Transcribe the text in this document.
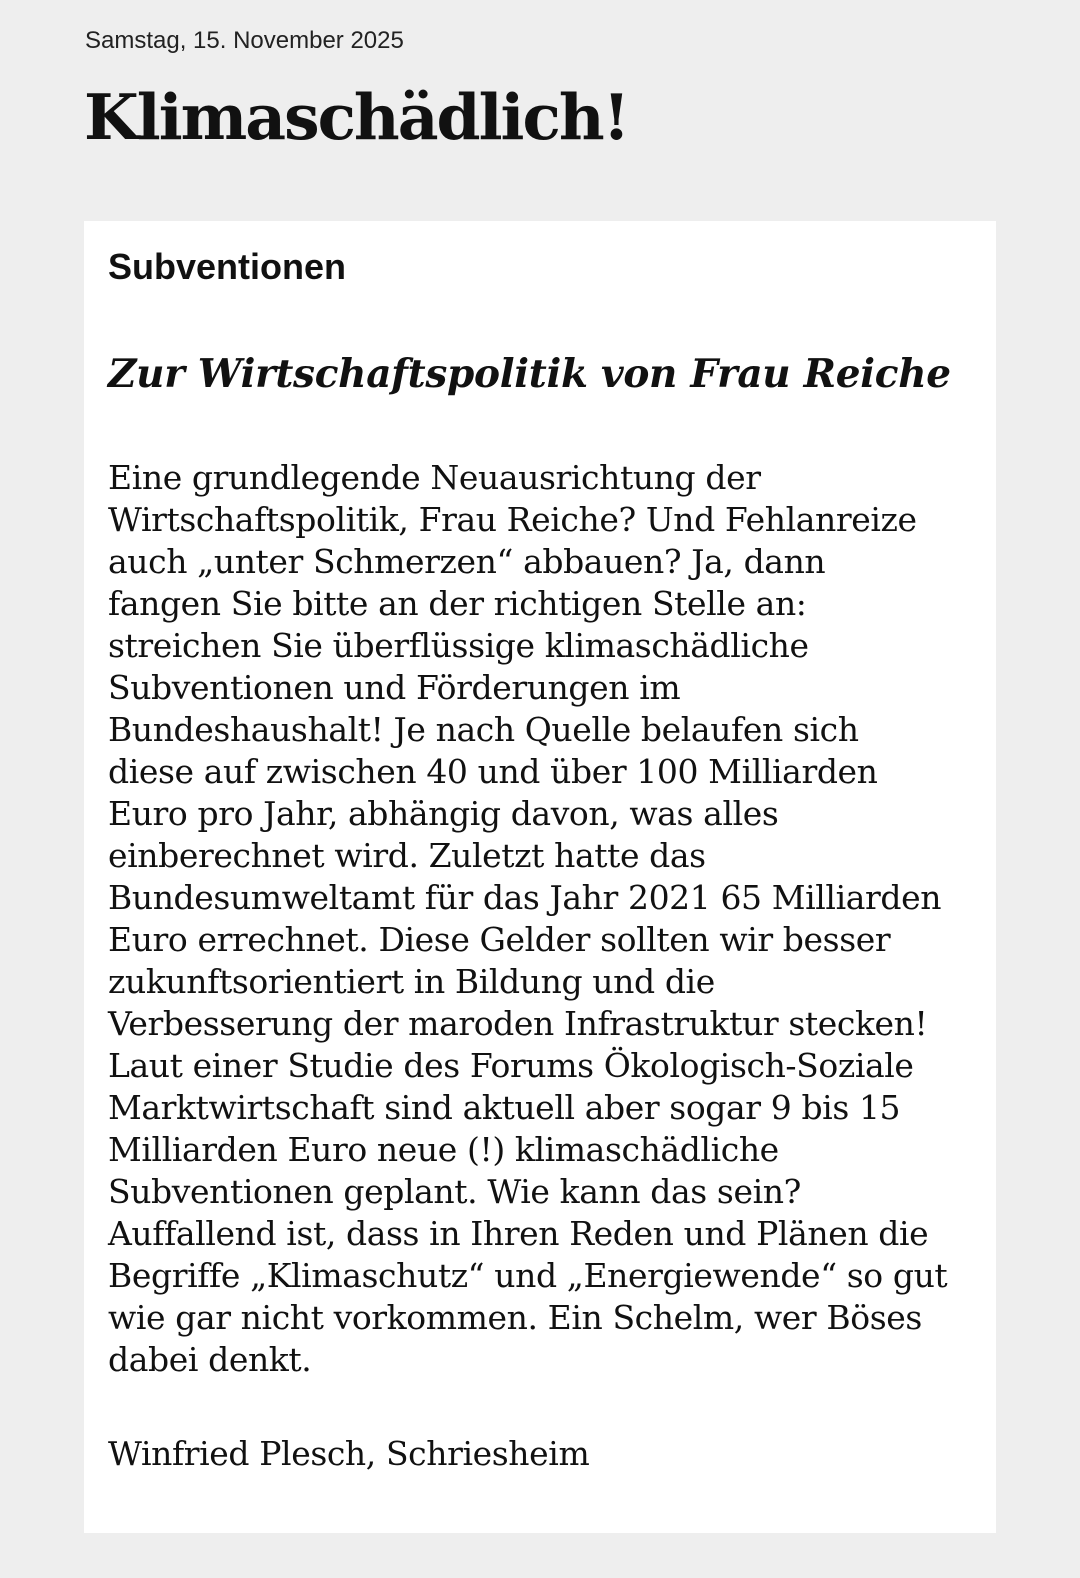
Samstag, 15. November 2025
Klimaschädlich!
Subventionen
Zur Wirtschaftspolitik von Frau Reiche

Eine grundlegende Neuausrichtung der
Wirtschaftspolitik, Frau Reiche? Und Fehlanreize
auch „unter Schmerzen“ abbauen? Ja, dann
fangen Sie bitte an der richtigen Stelle an:
streichen Sie überflüssige klimaschädliche
Subventionen und Förderungen im
Bundeshaushalt! Je nach Quelle belaufen sich
diese auf zwischen 40 und über 100 Milliarden
Euro pro Jahr, abhängig davon, was alles
einberechnet wird. Zuletzt hatte das
Bundesumweltamt für das Jahr 2021 65 Milliarden
Euro errechnet. Diese Gelder sollten wir besser
zukunftsorientiert in Bildung und die
Verbesserung der maroden Infrastruktur stecken!
Laut einer Studie des Forums Ökologisch-Soziale
Marktwirtschaft sind aktuell aber sogar 9 bis 15
Milliarden Euro neue (!) klimaschädliche
Subventionen geplant. Wie kann das sein?
Auffallend ist, dass in Ihren Reden und Plänen die
Begriffe „Klimaschutz“ und „Energiewende“ so gut
wie gar nicht vorkommen. Ein Schelm, wer Böses
dabei denkt.

Winfried Plesch, Schriesheim
